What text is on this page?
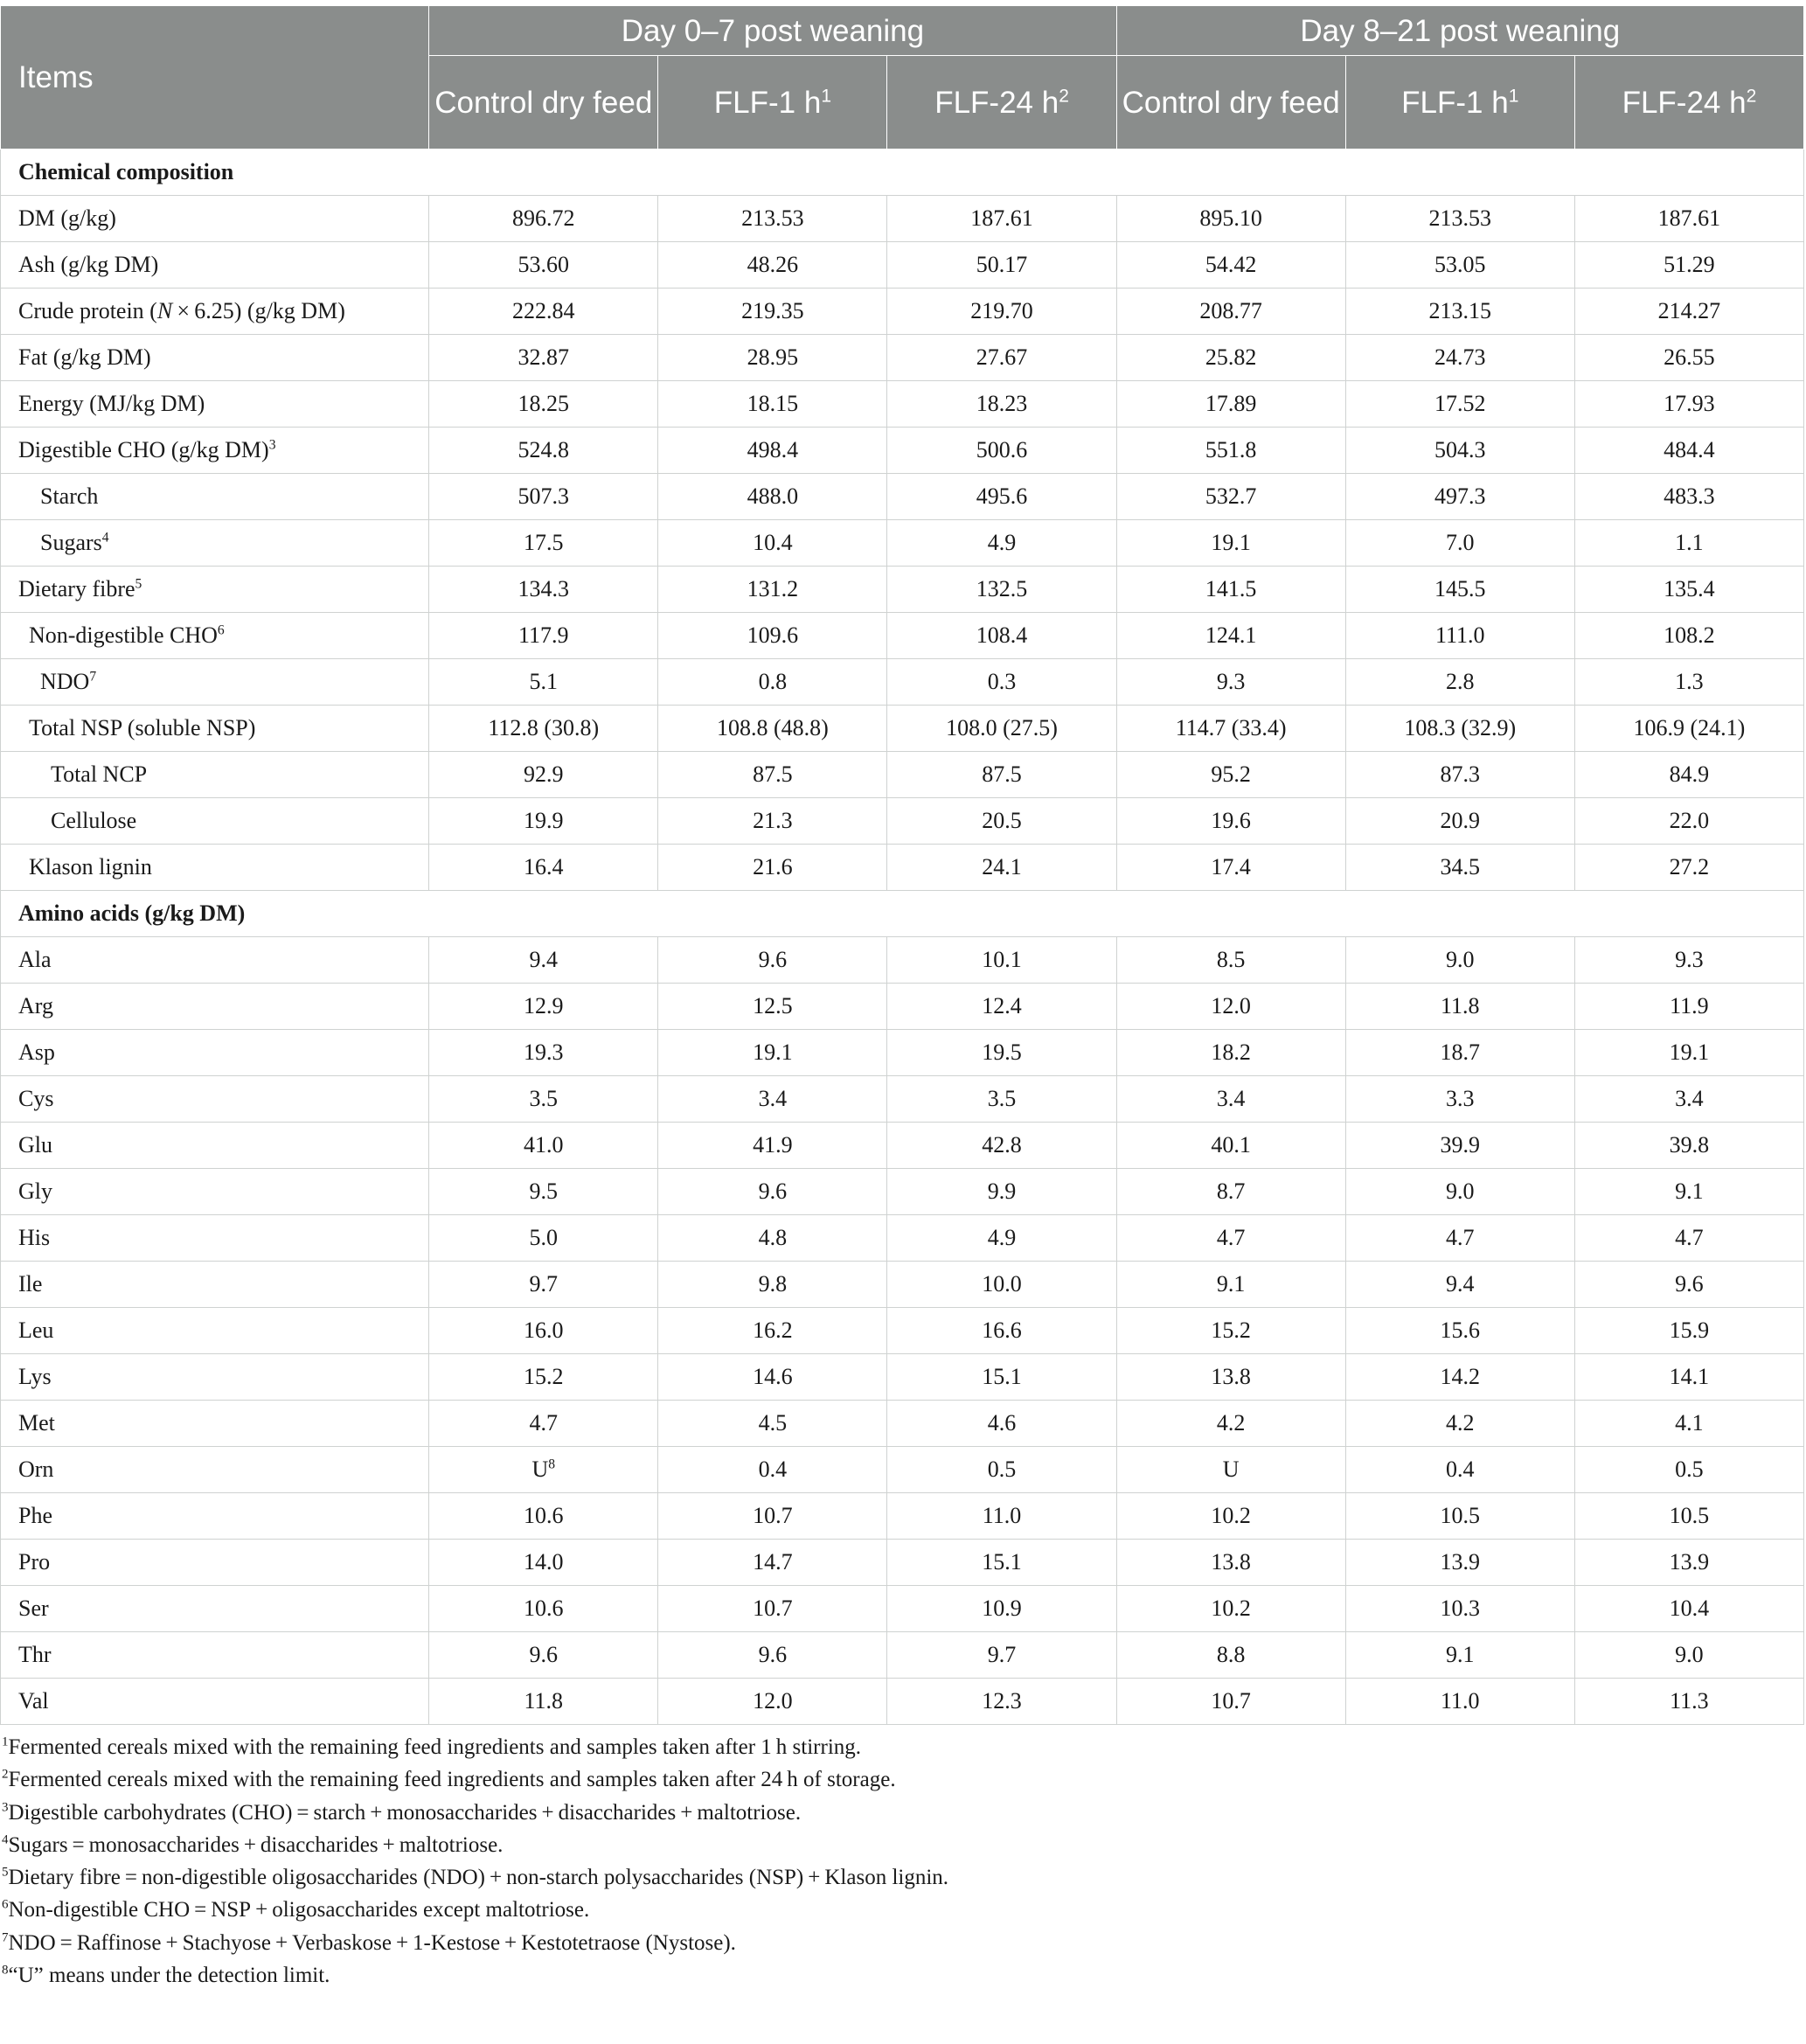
Items	Day 0–7 post weaning			Day 8–21 post weaning		
	Control dry feed	FLF-1 $h^1$	FLF-24 $h^2$	Control dry feed	FLF-1 $h^1$	FLF-24 $h^2$
Chemical composition						
DM (g/kg)	896.72	213.53	187.61	895.10	213.53	187.61
Ash (g/kg DM)	53.60	48.26	50.17	54.42	53.05	51.29
Crude protein (N × 6.25) (g/kg DM)	222.84	219.35	219.70	208.77	213.15	214.27
Fat (g/kg DM)	32.87	28.95	27.67	25.82	24.73	26.55
Energy (MJ/kg DM)	18.25	18.15	18.23	17.89	17.52	17.93
Digestible CHO (g/kg DM)$^3$	524.8	498.4	500.6	551.8	504.3	484.4
Starch	507.3	488.0	495.6	532.7	497.3	483.3
Sugars$^4$	17.5	10.4	4.9	19.1	7.0	1.1
Dietary fibre$^5$	134.3	131.2	132.5	141.5	145.5	135.4
Non-digestible CHO$^6$	117.9	109.6	108.4	124.1	111.0	108.2
NDO$^7$	5.1	0.8	0.3	9.3	2.8	1.3
Total NSP (soluble NSP)	112.8 (30.8)	108.8 (48.8)	108.0 (27.5)	114.7 (33.4)	108.3 (32.9)	106.9 (24.1)
Total NCP	92.9	87.5	87.5	95.2	87.3	84.9
Cellulose	19.9	21.3	20.5	19.6	20.9	22.0
Klason lignin	16.4	21.6	24.1	17.4	34.5	27.2
Amino acids (g/kg DM)						
Ala	9.4	9.6	10.1	8.5	9.0	9.3
Arg	12.9	12.5	12.4	12.0	11.8	11.9
Asp	19.3	19.1	19.5	18.2	18.7	19.1
Cys	3.5	3.4	3.5	3.4	3.3	3.4
Glu	41.0	41.9	42.8	40.1	39.9	39.8
Gly	9.5	9.6	9.9	8.7	9.0	9.1
His	5.0	4.8	4.9	4.7	4.7	4.7
Ile	9.7	9.8	10.0	9.1	9.4	9.6
Leu	16.0	16.2	16.6	15.2	15.6	15.9
Lys	15.2	14.6	15.1	13.8	14.2	14.1
Met	4.7	4.5	4.6	4.2	4.2	4.1
Orn	$U^8$	0.4	0.5	U	0.4	0.5
Phe	10.6	10.7	11.0	10.2	10.5	10.5
Pro	14.0	14.7	15.1	13.8	13.9	13.9
Ser	10.6	10.7	10.9	10.2	10.3	10.4
Thr	9.6	9.6	9.7	8.8	9.1	9.0
Val	11.8	12.0	12.3	10.7	11.0	11.3
$^1$Fermented cereals mixed with the remaining feed ingredients and samples taken after 1 h stirring.
$^2$Fermented cereals mixed with the remaining feed ingredients and samples taken after 24 h of storage.
$^3$Digestible carbohydrates (CHO) = starch + monosaccharides + disaccharides + maltotriose.
$^4$Sugars = monosaccharides + disaccharides + maltotriose.
$^5$Dietary fibre = non-digestible oligosaccharides (NDO) + non-starch polysaccharides (NSP) + Klason lignin.
$^6$Non-digestible CHO = NSP + oligosaccharides except maltotriose.
$^7$NDO = Raffinose + Stachyose + Verbaskose + 1-Kestose + Kestotetraose (Nystose).
$^8$“U” means under the detection limit.
